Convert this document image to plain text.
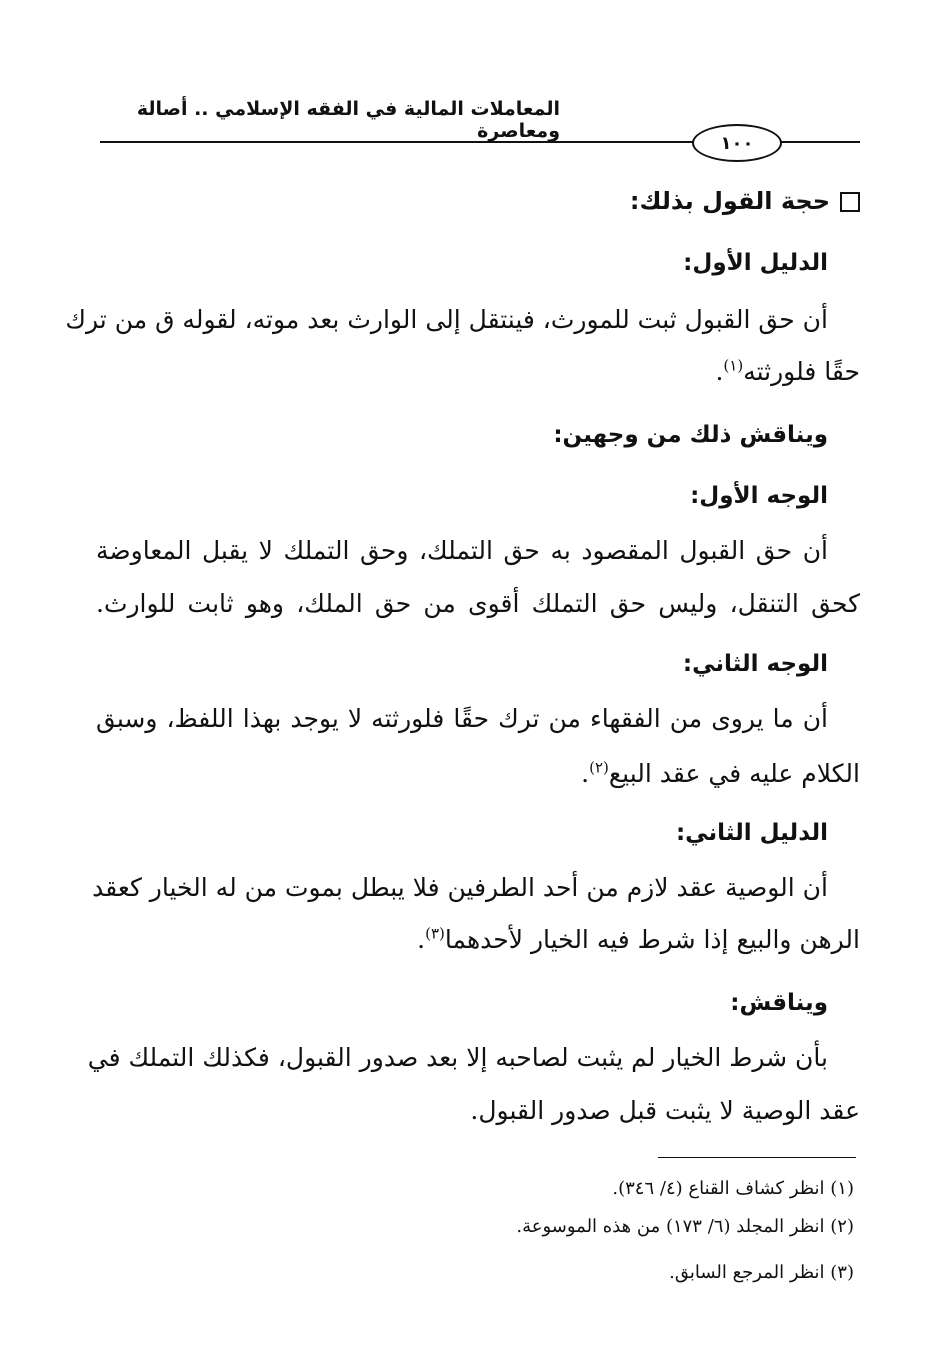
المعاملات المالية في الفقه الإسلامي .. أصالة ومعاصرة
١٠٠
حجة القول بذلك:
الدليل الأول:
أن حق القبول ثبت للمورث، فينتقل إلى الوارث بعد موته، لقوله ق من ترك
حقًا فلورثته$^{(١)}$.
ويناقش ذلك من وجهين:
الوجه الأول:
أن حق القبول المقصود به حق التملك، وحق التملك لا يقبل المعاوضة
كحق التنقل، وليس حق التملك أقوى من حق الملك، وهو ثابت للوارث.
الوجه الثاني:
أن ما يروى من الفقهاء من ترك حقًا فلورثته لا يوجد بهذا اللفظ، وسبق
الكلام عليه في عقد البيع$^{(٢)}$.
الدليل الثاني:
أن الوصية عقد لازم من أحد الطرفين فلا يبطل بموت من له الخيار كعقد
الرهن والبيع إذا شرط فيه الخيار لأحدهما$^{(٣)}$.
ويناقش:
بأن شرط الخيار لم يثبت لصاحبه إلا بعد صدور القبول، فكذلك التملك في
عقد الوصية لا يثبت قبل صدور القبول.
(١) انظر كشاف القناع (٤/ ٣٤٦).
(٢) انظر المجلد (٦/ ١٧٣) من هذه الموسوعة.
(٣) انظر المرجع السابق.
